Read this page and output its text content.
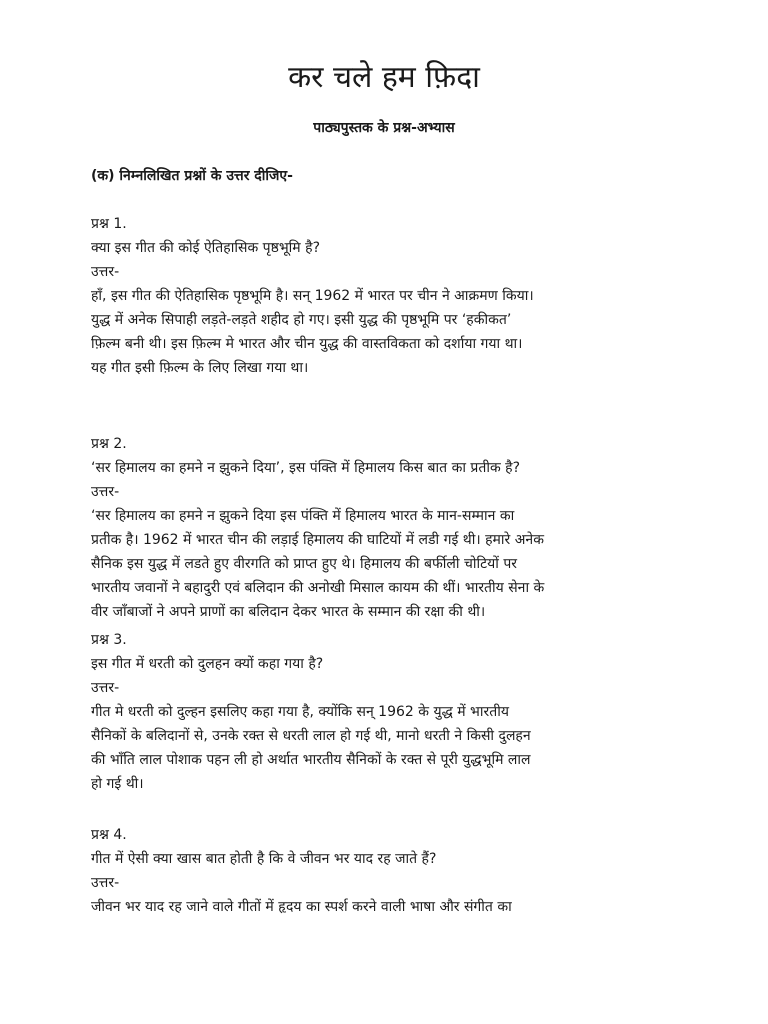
कर चले हम फ़िदा
पाठ्यपुस्तक के प्रश्न-अभ्यास
(क) निम्नलिखित प्रश्नों के उत्तर दीजिए-
प्रश्न 1.
क्या इस गीत की कोई ऐतिहासिक पृष्ठभूमि है?
उत्तर-
हाँ, इस गीत की ऐतिहासिक पृष्ठभूमि है। सन् 1962 में भारत पर चीन ने आक्रमण किया।
युद्ध में अनेक सिपाही लड़ते-लड़ते शहीद हो गए। इसी युद्ध की पृष्ठभूमि पर ‘हकीकत’
फ़िल्म बनी थी। इस फ़िल्म मे भारत और चीन युद्ध की वास्तविकता को दर्शाया गया था।
यह गीत इसी फ़िल्म के लिए लिखा गया था।
प्रश्न 2.
‘सर हिमालय का हमने न झुकने दिया’, इस पंक्ति में हिमालय किस बात का प्रतीक है?
उत्तर-
‘सर हिमालय का हमने न झुकने दिया इस पंक्ति में हिमालय भारत के मान-सम्मान का
प्रतीक है। 1962 में भारत चीन की लड़ाई हिमालय की घाटियों में लडी गई थी। हमारे अनेक
सैनिक इस युद्ध में लडते हुए वीरगति को प्राप्त हुए थे। हिमालय की बर्फीली चोटियों पर
भारतीय जवानों ने बहादुरी एवं बलिदान की अनोखी मिसाल कायम की थीं। भारतीय सेना के
वीर जाँबाजों ने अपने प्राणों का बलिदान देकर भारत के सम्मान की रक्षा की थी।
प्रश्न 3.
इस गीत में धरती को दुलहन क्यों कहा गया है?
उत्तर-
गीत मे धरती को दुल्हन इसलिए कहा गया है, क्योंकि सन् 1962 के युद्ध में भारतीय
सैनिकों के बलिदानों से, उनके रक्त से धरती लाल हो गई थी, मानो धरती ने किसी दुलहन
की भाँति लाल पोशाक पहन ली हो अर्थात भारतीय सैनिकों के रक्त से पूरी युद्धभूमि लाल
हो गई थी।
प्रश्न 4.
गीत में ऐसी क्या खास बात होती है कि वे जीवन भर याद रह जाते हैं?
उत्तर-
जीवन भर याद रह जाने वाले गीतों में हृदय का स्पर्श करने वाली भाषा और संगीत का
